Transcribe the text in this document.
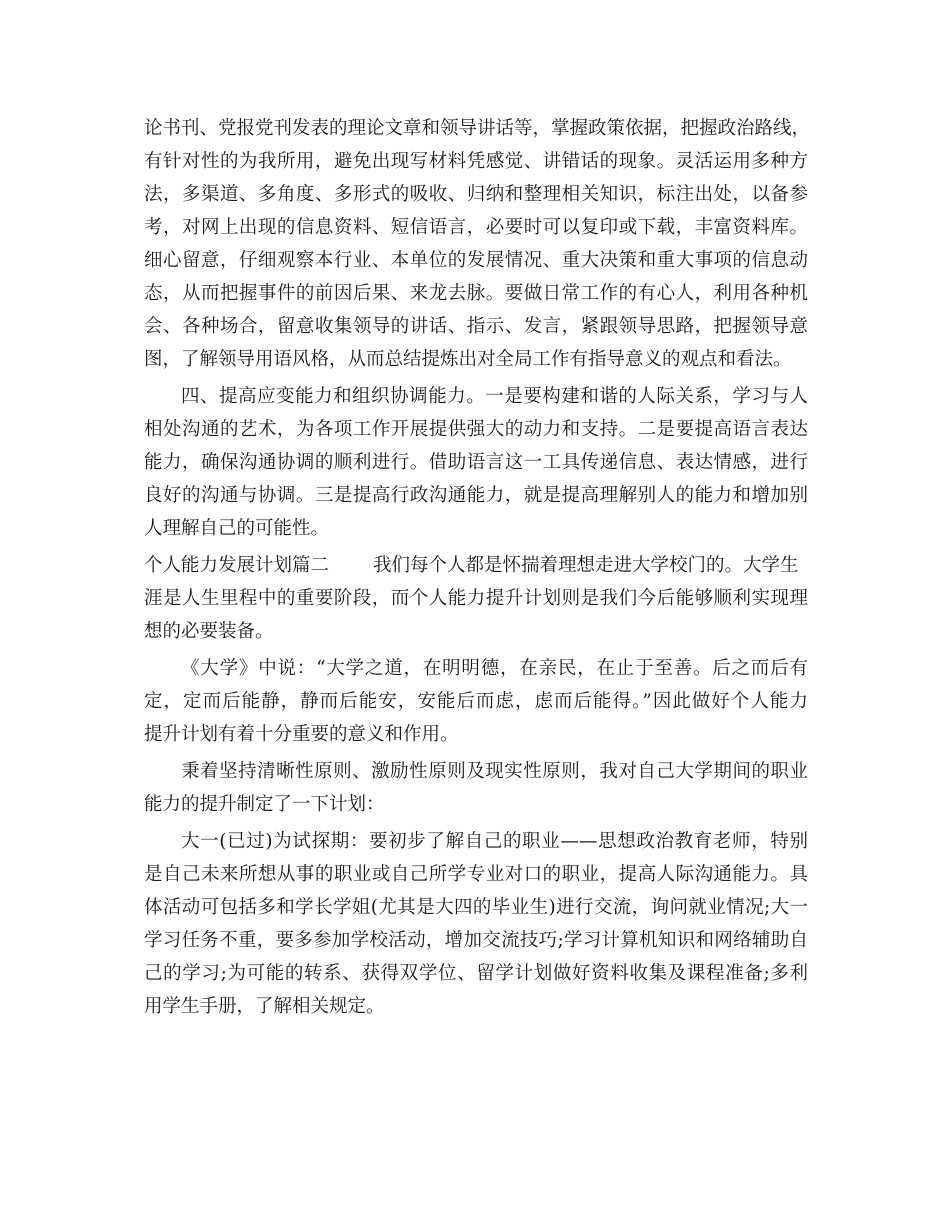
论书刊、党报党刊发表的理论文章和领导讲话等，掌握政策依据，把握政治路线，
有针对性的为我所用，避免出现写材料凭感觉、讲错话的现象。灵活运用多种方
法，多渠道、多角度、多形式的吸收、归纳和整理相关知识，标注出处，以备参
考，对网上出现的信息资料、短信语言，必要时可以复印或下载，丰富资料库。
细心留意，仔细观察本行业、本单位的发展情况、重大决策和重大事项的信息动
态，从而把握事件的前因后果、来龙去脉。要做日常工作的有心人，利用各种机
会、各种场合，留意收集领导的讲话、指示、发言，紧跟领导思路，把握领导意
图，了解领导用语风格，从而总结提炼出对全局工作有指导意义的观点和看法。
四、提高应变能力和组织协调能力。一是要构建和谐的人际关系，学习与人
相处沟通的艺术，为各项工作开展提供强大的动力和支持。二是要提高语言表达
能力，确保沟通协调的顺利进行。借助语言这一工具传递信息、表达情感，进行
良好的沟通与协调。三是提高行政沟通能力，就是提高理解别人的能力和增加别
人理解自己的可能性。
个人能力发展计划篇二 我们每个人都是怀揣着理想走进大学校门的。大学生
涯是人生里程中的重要阶段，而个人能力提升计划则是我们今后能够顺利实现理
想的必要装备。
《大学》中说：“大学之道，在明明德，在亲民，在止于至善。后之而后有
定，定而后能静，静而后能安，安能后而虑，虑而后能得。”因此做好个人能力
提升计划有着十分重要的意义和作用。
秉着坚持清晰性原则、激励性原则及现实性原则，我对自己大学期间的职业
能力的提升制定了一下计划：
大一(已过)为试探期：要初步了解自己的职业——思想政治教育老师，特别
是自己未来所想从事的职业或自己所学专业对口的职业，提高人际沟通能力。具
体活动可包括多和学长学姐(尤其是大四的毕业生)进行交流，询问就业情况;大一
学习任务不重，要多参加学校活动，增加交流技巧;学习计算机知识和网络辅助自
己的学习;为可能的转系、获得双学位、留学计划做好资料收集及课程准备;多利
用学生手册，了解相关规定。
